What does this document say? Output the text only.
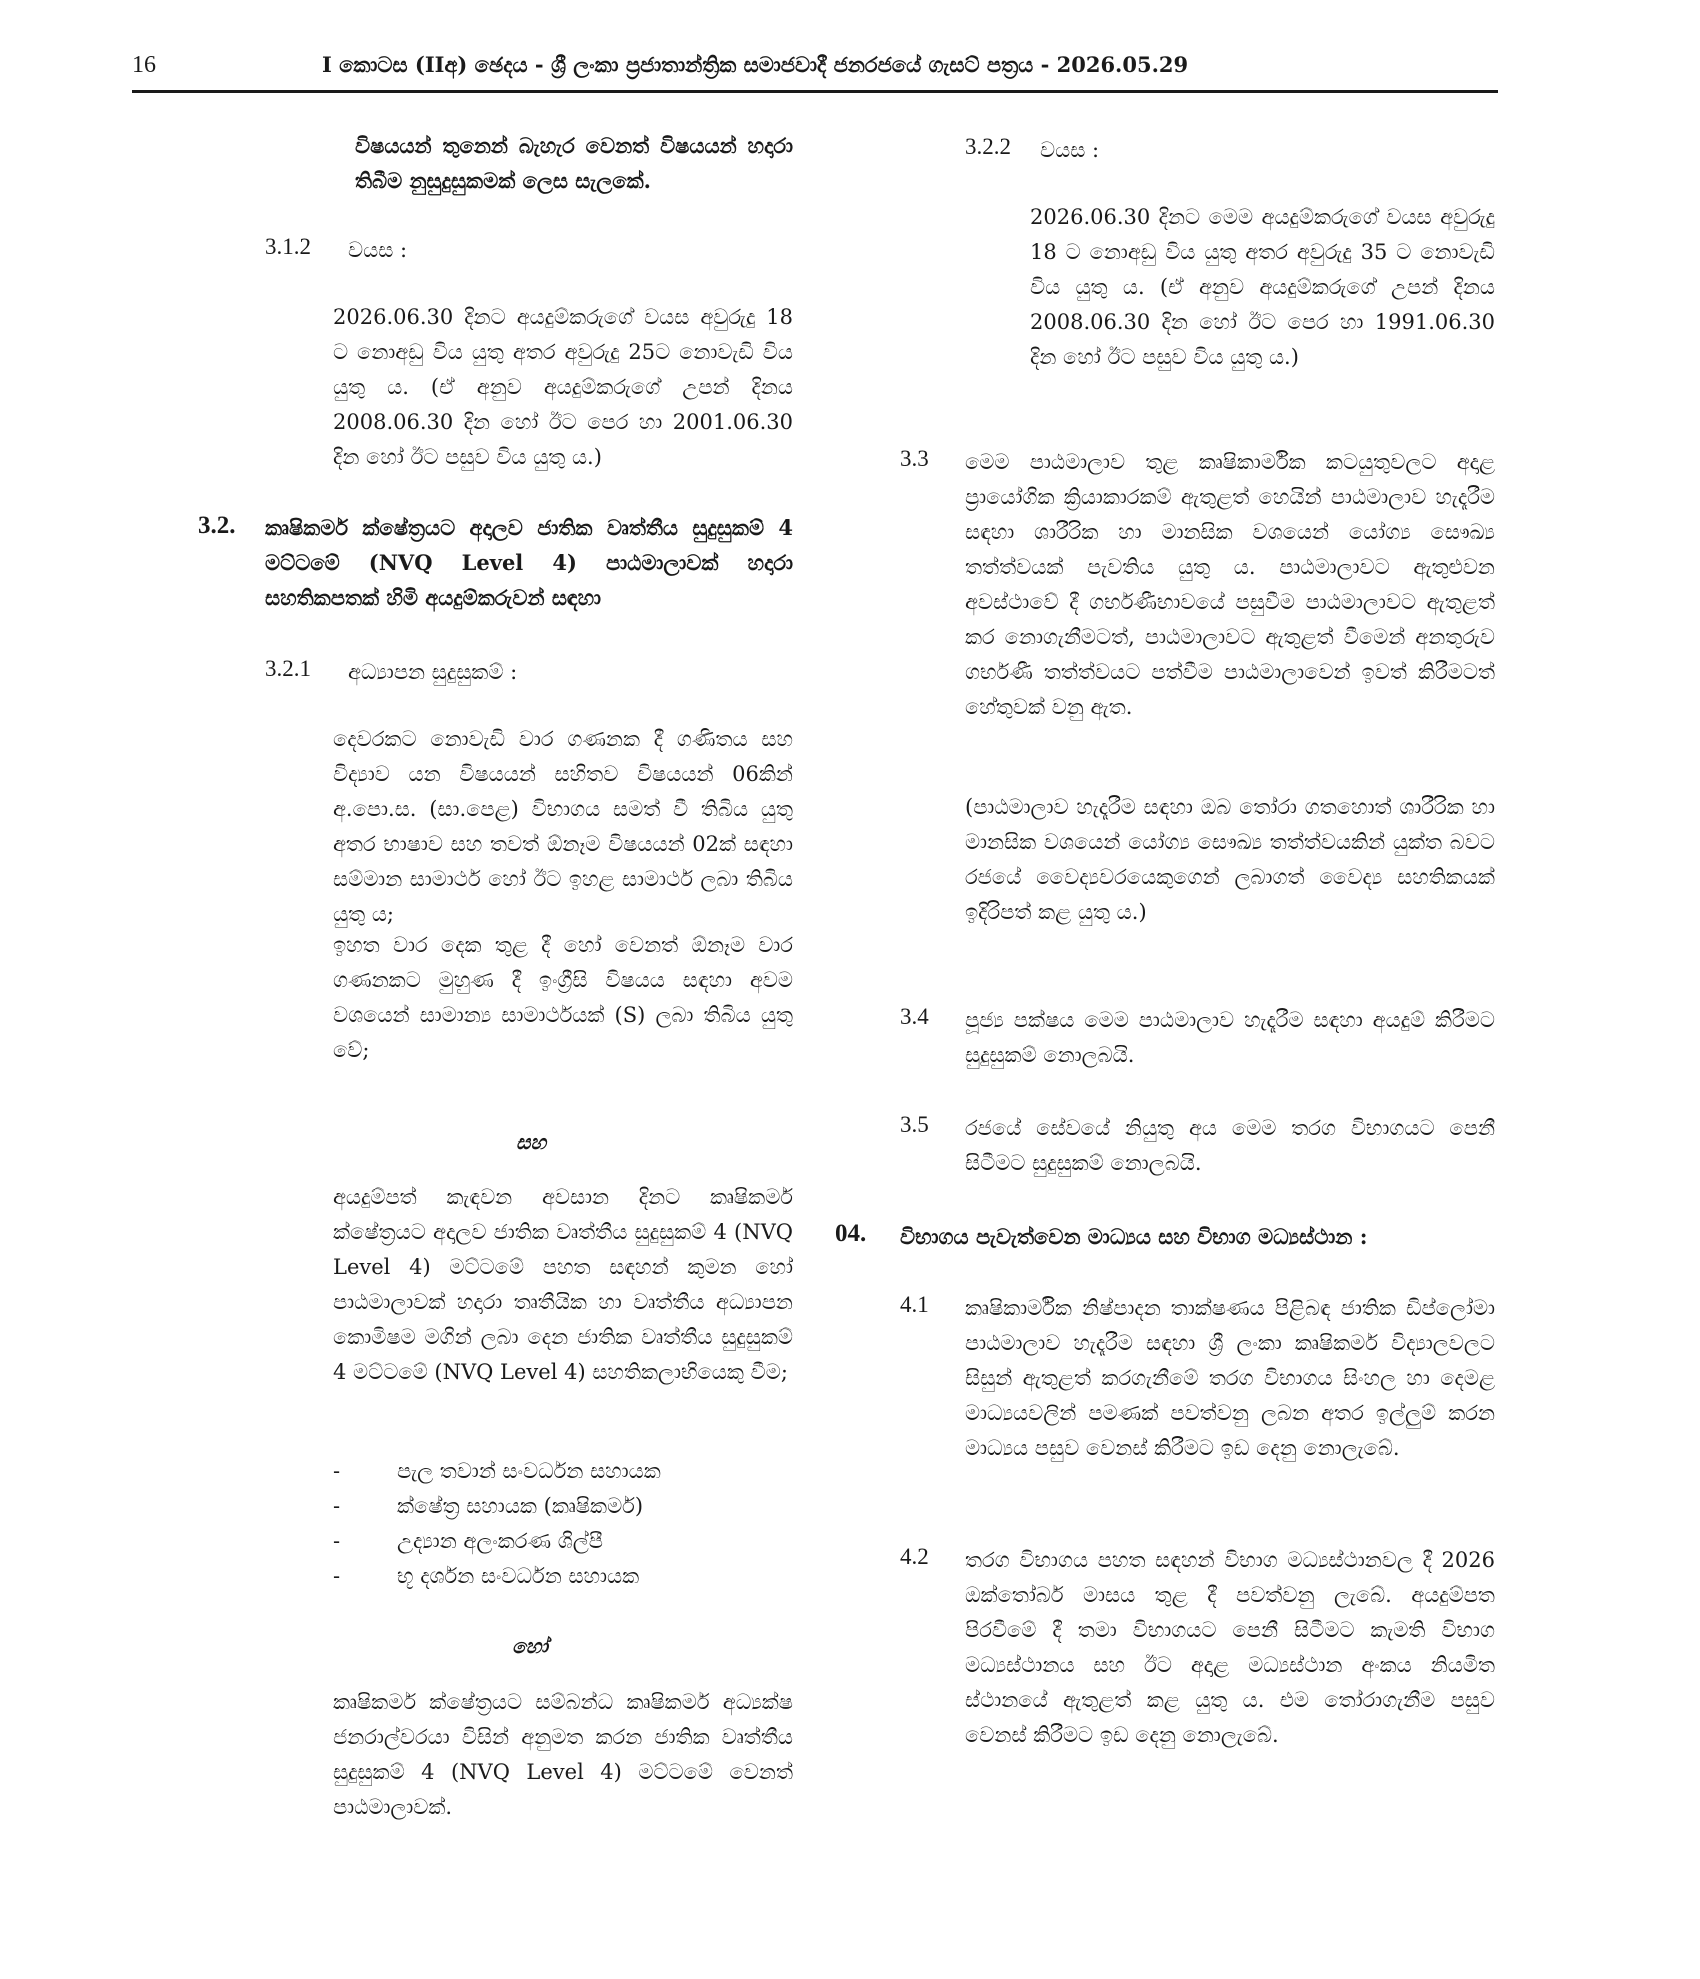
16	I කොටස (IIඅ) ඡෙදය - ශ්‍රී ලංකා ප්‍රජාතාන්ත්‍රික සමාජවාදී ජනරජයේ ගැසට් පත්‍රය - 2026.05.29

විෂයයන් තුනෙන් බැහැර වෙනත් විෂයයන් හදාරා තිබීම නුසුදුසුකමක් ලෙස සැලකේ.

3.1.2 වයස :

2026.06.30 දිනට අයදුම්කරුගේ වයස අවුරුදු 18 ට නොඅඩු විය යුතු අතර අවුරුදු 25ට නොවැඩි විය යුතු ය. (ඒ අනුව අයදුම්කරුගේ උපන් දිනය 2008.06.30 දින හෝ ඊට පෙර හා 2001.06.30 දින හෝ ඊට පසුව විය යුතු ය.)

3.2. කෘෂිකර්ම ක්ෂේත්‍රයට අදාලව ජාතික වෘත්තීය සුදුසුකම් 4 මට්ටමේ (NVQ Level 4) පාඨමාලාවක් හදාරා සහතිකපතක් හිමි අයදුම්කරුවන් සඳහා

3.2.1 අධ්‍යාපන සුදුසුකම් :

දෙවරකට නොවැඩි වාර ගණනක දී ගණිතය සහ විද්‍යාව යන විෂයයන් සහිතව විෂයයන් 06කින් අ.පො.ස. (සා.පෙළ) විභාගය සමත් වී තිබිය යුතු අතර භාෂාව සහ තවත් ඕනෑම විෂයයන් 02ක් සඳහා සම්මාන සාමාර්ථ හෝ ඊට ඉහළ සාමාර්ථ ලබා තිබිය යුතු ය;

ඉහත වාර දෙක තුළ දී හෝ වෙනත් ඕනෑම වාර ගණනකට මුහුණ දී ඉංග්‍රීසි විෂයය සඳහා අවම වශයෙන් සාමාන්‍ය සාමාර්ථයක් (S) ලබා තිබිය යුතු වේ;

සහ

අයදුම්පත් කැඳවන අවසාන දිනට කෘෂිකර්ම ක්ෂේත්‍රයට අදාලව ජාතික වෘත්තීය සුදුසුකම් 4 (NVQ Level 4) මට්ටමේ පහත සඳහන් කුමන හෝ පාඨමාලාවක් හදාරා තෘතීයික හා වෘත්තීය අධ්‍යාපන කොමිෂම මගින් ලබා දෙන ජාතික වෘත්තීය සුදුසුකම් 4 මට්ටමේ (NVQ Level 4) සහතිකලාභියෙකු වීම;

-	පැල තවාන් සංවර්ධන සහායක
-	ක්ෂේත්‍ර සහායක (කෘෂිකර්ම)
-	උද්‍යාන අලංකරණ ශිල්පී
-	භූ දර්ශන සංවර්ධන සහායක
හෝ

කෘෂිකර්ම ක්ෂේත්‍රයට සම්බන්ධ කෘෂිකර්ම අධ්‍යක්ෂ ජනරාල්වරයා විසින් අනුමත කරන ජාතික වෘත්තීය සුදුසුකම් 4 (NVQ Level 4) මට්ටමේ වෙනත් පාඨමාලාවක්.

3.2.2 වයස :

2026.06.30 දිනට මෙම අයදුම්කරුගේ වයස අවුරුදු 18 ට නොඅඩු විය යුතු අතර අවුරුදු 35 ට නොවැඩි විය යුතු ය. (ඒ අනුව අයදුම්කරුගේ උපන් දිනය 2008.06.30 දින හෝ ඊට පෙර හා 1991.06.30 දින හෝ ඊට පසුව විය යුතු ය.)

3.3 මෙම පාඨමාලාව තුළ කෘෂිකාර්මික කටයුතුවලට අදාළ ප්‍රායෝගික ක්‍රියාකාරකම් ඇතුළත් හෙයින් පාඨමාලාව හැදෑරීම සඳහා ශාරීරික හා මානසික වශයෙන් යෝග්‍ය සෞඛ්‍ය තත්ත්වයක් පැවතිය යුතු ය. පාඨමාලාවට ඇතුළුවන අවස්ථාවේ දී ගර්භණීභාවයේ පසුවීම පාඨමාලාවට ඇතුළත් කර නොගැනීමටත්, පාඨමාලාවට ඇතුළත් වීමෙන් අනතුරුව ගර්භණී තත්ත්වයට පත්වීම පාඨමාලාවෙන් ඉවත් කිරීමටත් හේතුවක් වනු ඇත.

(පාඨමාලාව හැදෑරීම සඳහා ඔබ තෝරා ගතහොත් ශාරීරික හා මානසික වශයෙන් යෝග්‍ය සෞඛ්‍ය තත්ත්වයකින් යුක්ත බවට රජයේ වෛද්‍යවරයෙකුගෙන් ලබාගත් වෛද්‍ය සහතිකයක් ඉදිරිපත් කළ යුතු ය.)

3.4 පූජ්‍ය පක්ෂය මෙම පාඨමාලාව හැදෑරීම සඳහා අයදුම් කිරීමට සුදුසුකම් නොලබයි.

3.5 රජයේ සේවයේ නියුතු අය මෙම තරග විභාගයට පෙනී සිටීමට සුදුසුකම් නොලබයි.

04. විභාගය පැවැත්වෙන මාධ්‍යය සහ විභාග මධ්‍යස්ථාන :
4.1 කෘෂිකාර්මික නිෂ්පාදන තාක්ෂණය පිළිබඳ ජාතික ඩිප්ලෝමා පාඨමාලාව හැදෑරීම සඳහා ශ්‍රී ලංකා කෘෂිකර්ම විද්‍යාලවලට සිසුන් ඇතුළත් කරගැනීමේ තරග විභාගය සිංහල හා දෙමළ මාධ්‍යයවලින් පමණක් පවත්වනු ලබන අතර ඉල්ලුම් කරන මාධ්‍යය පසුව වෙනස් කිරීමට ඉඩ දෙනු නොලැබේ.

4.2 තරග විභාගය පහත සඳහන් විභාග මධ්‍යස්ථානවල දී 2026 ඔක්තෝබර් මාසය තුළ දී පවත්වනු ලැබේ. අයදුම්පත පිරවීමේ දී තමා විභාගයට පෙනී සිටීමට කැමති විභාග මධ්‍යස්ථානය සහ ඊට අදාළ මධ්‍යස්ථාන අංකය නියමිත ස්ථානයේ ඇතුළත් කළ යුතු ය. එම තෝරාගැනීම පසුව වෙනස් කිරීමට ඉඩ දෙනු නොලැබේ.
